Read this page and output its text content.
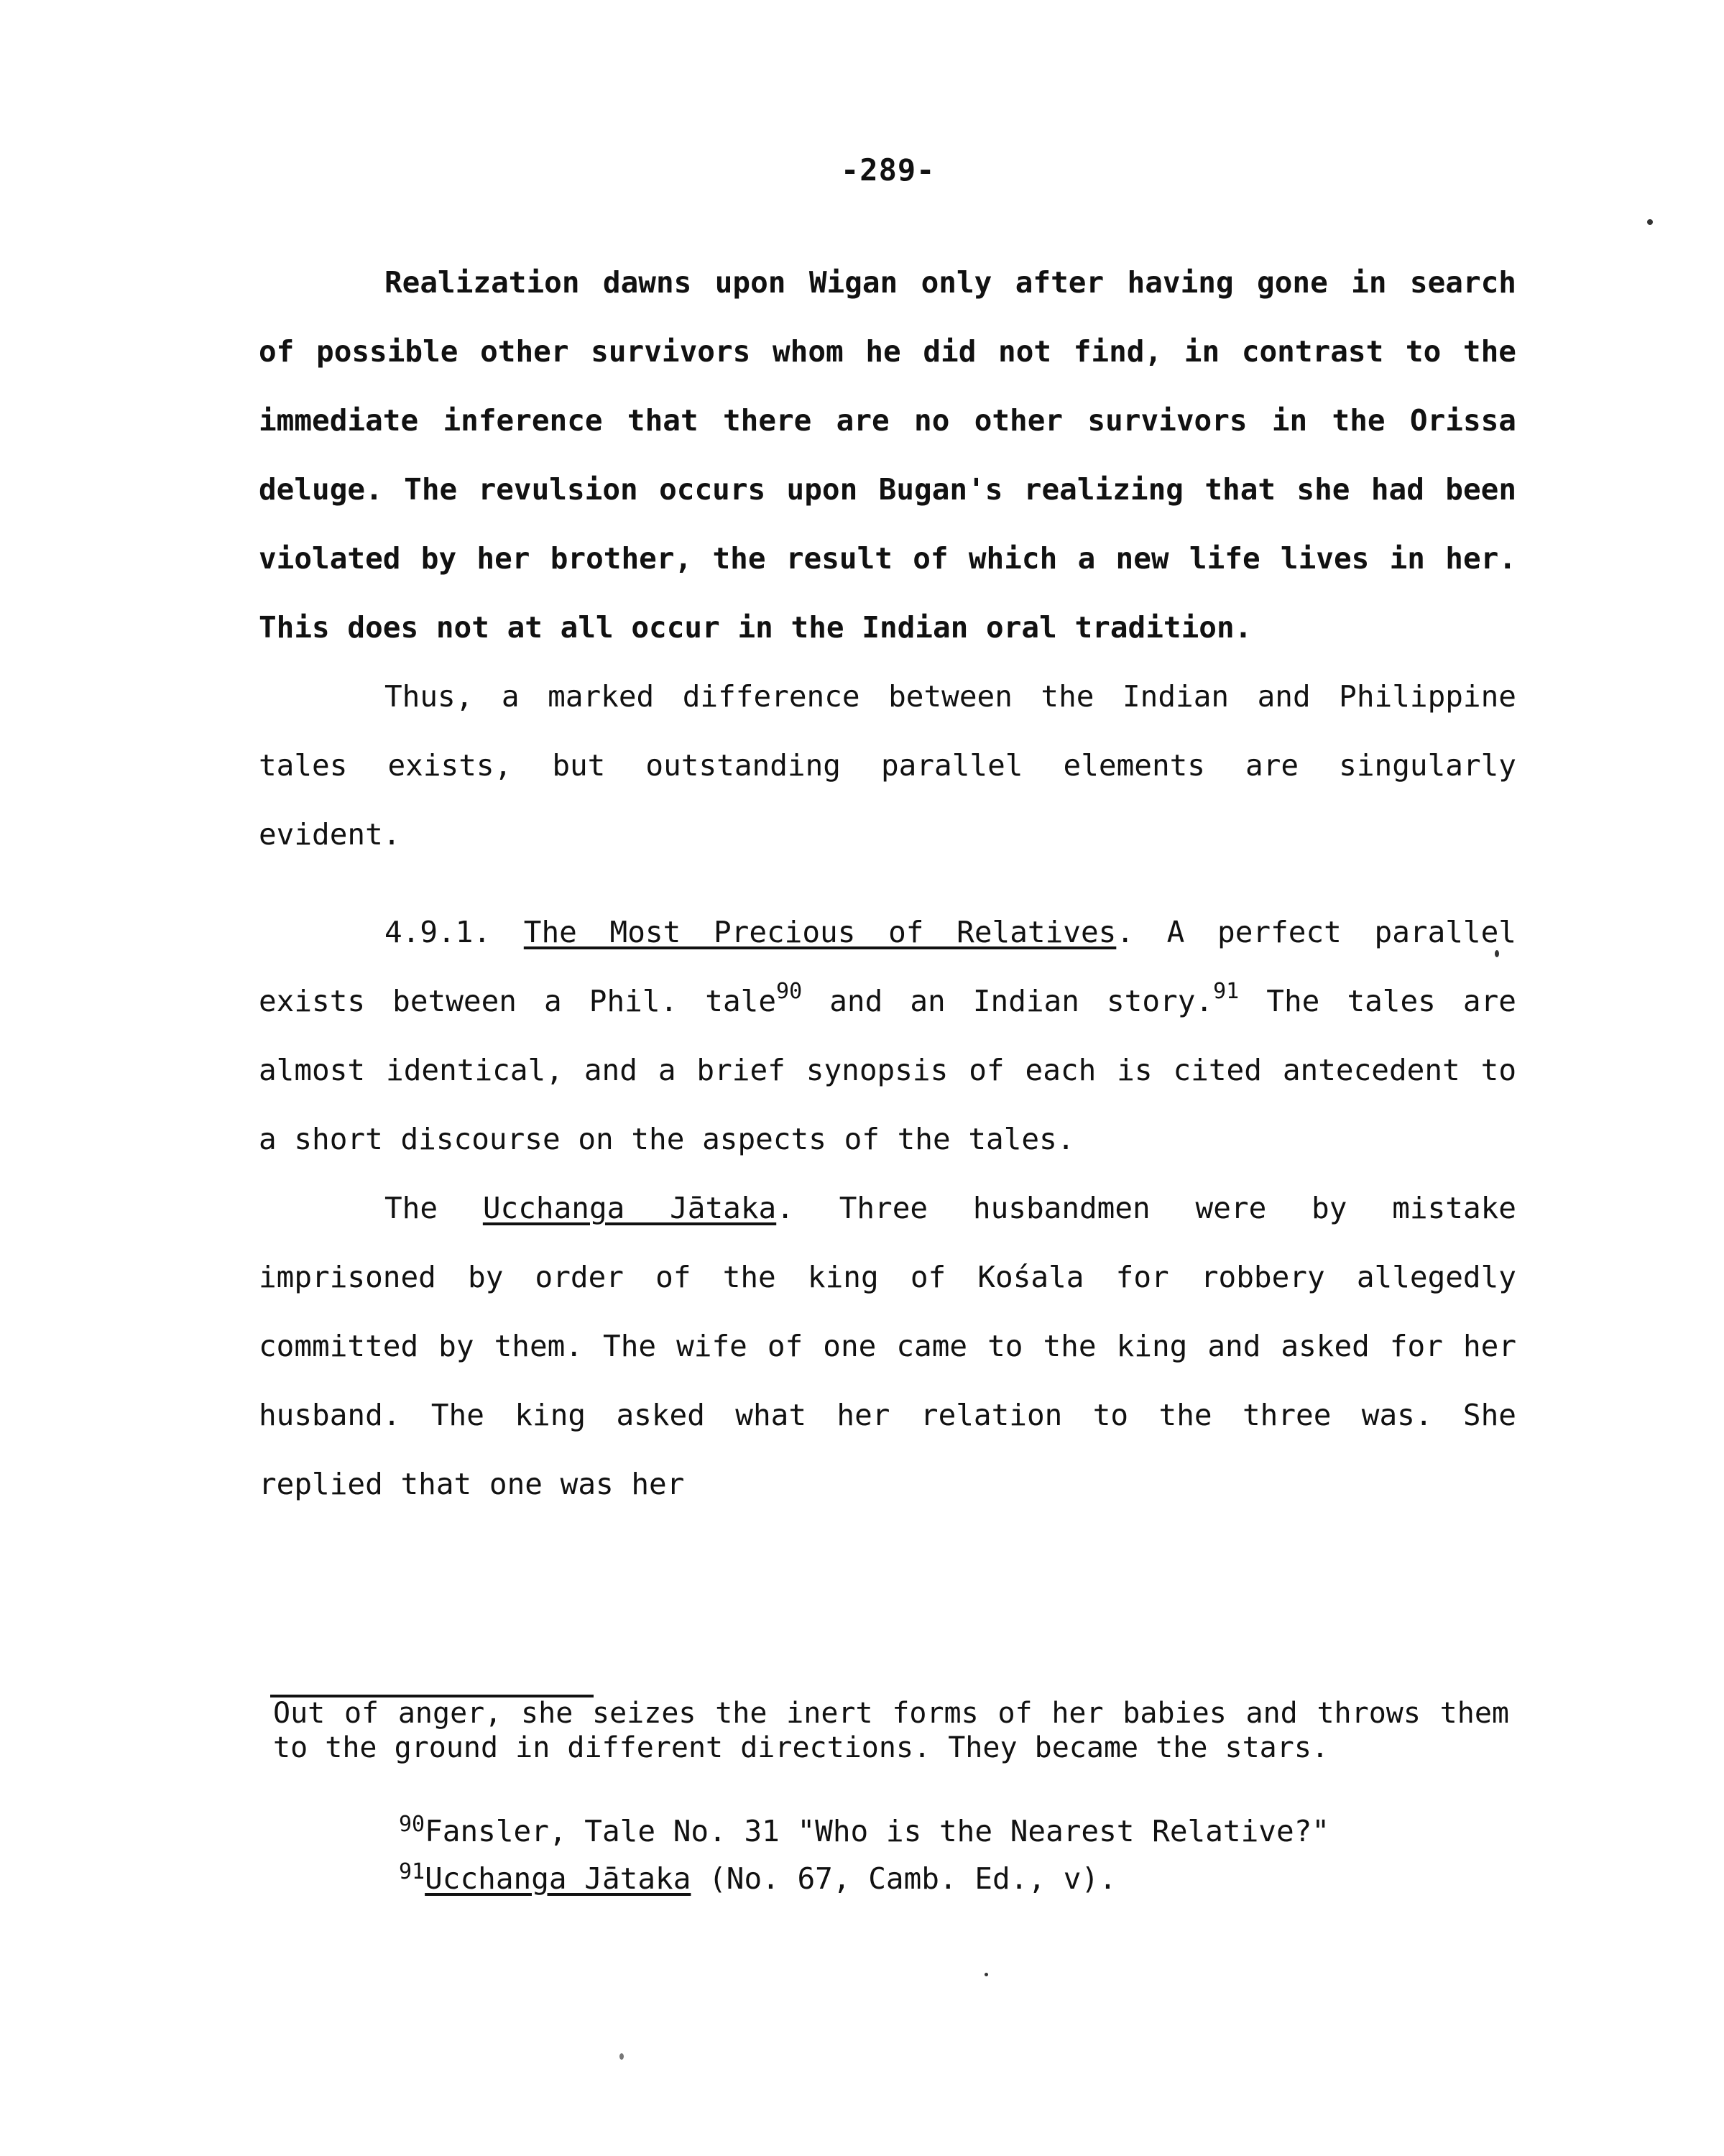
-289-

Realization dawns upon Wigan only after having gone in search of possible other survivors whom he did not find, in contrast to the immediate inference that there are no other survivors in the Orissa deluge. The revulsion occurs upon Bugan's realizing that she had been violated by her brother, the result of which a new life lives in her. This does not at all occur in the Indian oral tradition.

Thus, a marked difference between the Indian and Philippine tales exists, but outstanding parallel elements are singularly evident.

4.9.1. The Most Precious of Relatives. A perfect parallel exists between a Phil. tale$^{90}$ and an Indian story.$^{91}$ The tales are almost identical, and a brief synopsis of each is cited antecedent to a short discourse on the aspects of the tales.

The Ucchanga Jātaka. Three husbandmen were by mistake imprisoned by order of the king of Kośala for robbery allegedly committed by them. The wife of one came to the king and asked for her husband. The king asked what her relation to the three was. She replied that one was her

Out of anger, she seizes the inert forms of her babies and throws them to the ground in different directions. They became the stars.

$^{90}$Fansler, Tale No. 31 "Who is the Nearest Relative?"

$^{91}$Ucchanga Jātaka (No. 67, Camb. Ed., v).
